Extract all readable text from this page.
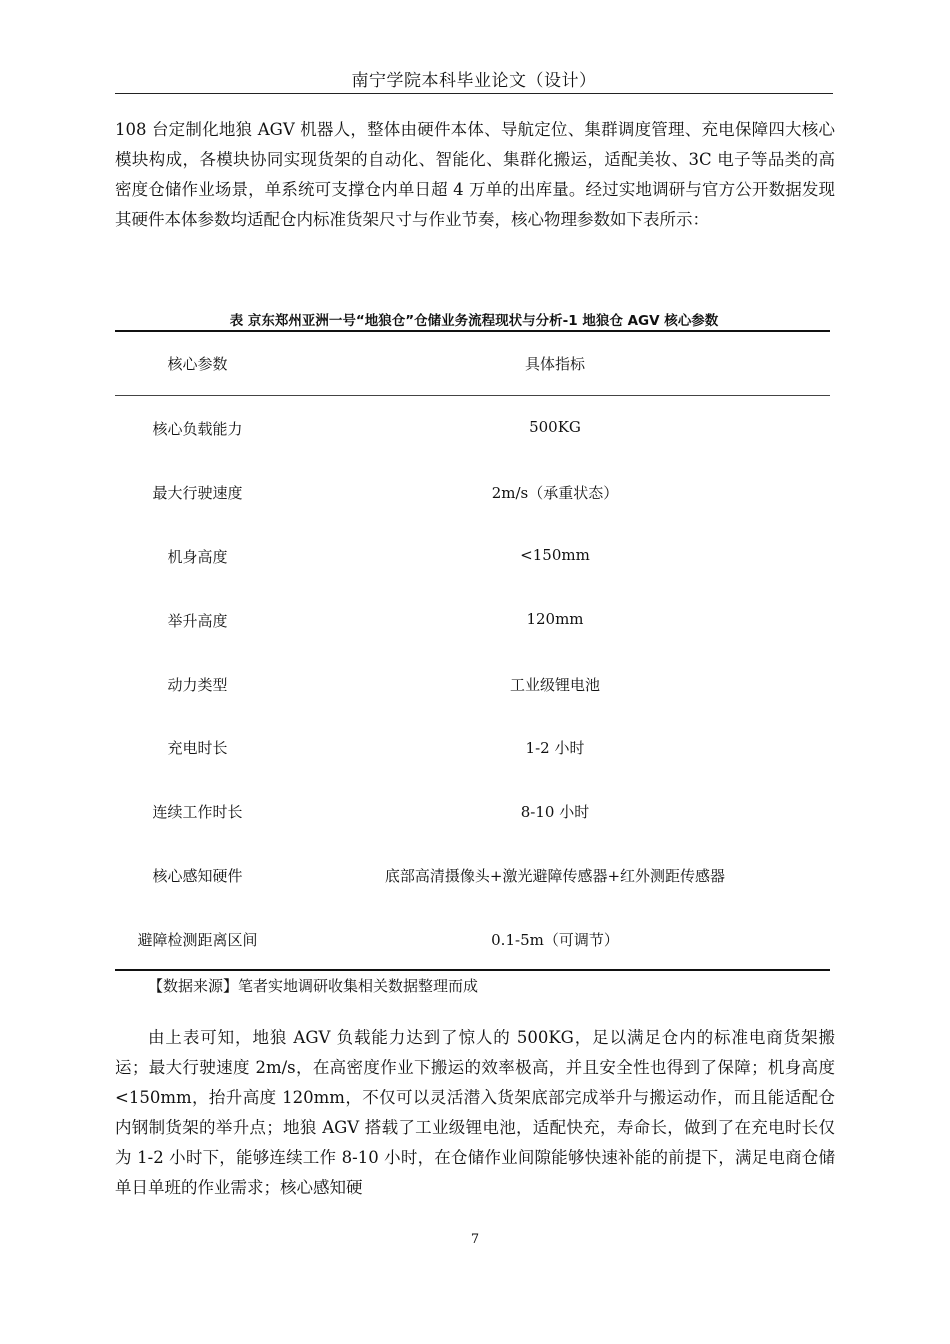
南宁学院本科毕业论文（设计）
108 台定制化地狼 AGV 机器人，整体由硬件本体、导航定位、集群调度管理、充电保障四大核心模块构成，各模块协同实现货架的自动化、智能化、集群化搬运，适配美妆、3C 电子等品类的高密度仓储作业场景，单系统可支撑仓内单日超 4 万单的出库量。经过实地调研与官方公开数据发现其硬件本体参数均适配仓内标准货架尺寸与作业节奏，核心物理参数如下表所示：
表 京东郑州亚洲一号“地狼仓”仓储业务流程现状与分析-1 地狼仓 AGV 核心参数
核心参数	具体指标
核心负载能力	500KG
最大行驶速度	2m/s（承重状态）
机身高度	<150mm
举升高度	120mm
动力类型	工业级锂电池
充电时长	1-2 小时
连续工作时长	8-10 小时
核心感知硬件	底部高清摄像头+激光避障传感器+红外测距传感器
避障检测距离区间	0.1-5m（可调节）
【数据来源】笔者实地调研收集相关数据整理而成
由上表可知，地狼 AGV 负载能力达到了惊人的 500KG，足以满足仓内的标准电商货架搬运；最大行驶速度 2m/s，在高密度作业下搬运的效率极高，并且安全性也得到了保障；机身高度<150mm，抬升高度 120mm，不仅可以灵活潜入货架底部完成举升与搬运动作，而且能适配仓内钢制货架的举升点；地狼 AGV 搭载了工业级锂电池，适配快充，寿命长，做到了在充电时长仅为 1-2 小时下，能够连续工作 8-10 小时，在仓储作业间隙能够快速补能的前提下，满足电商仓储单日单班的作业需求；核心感知硬
7
